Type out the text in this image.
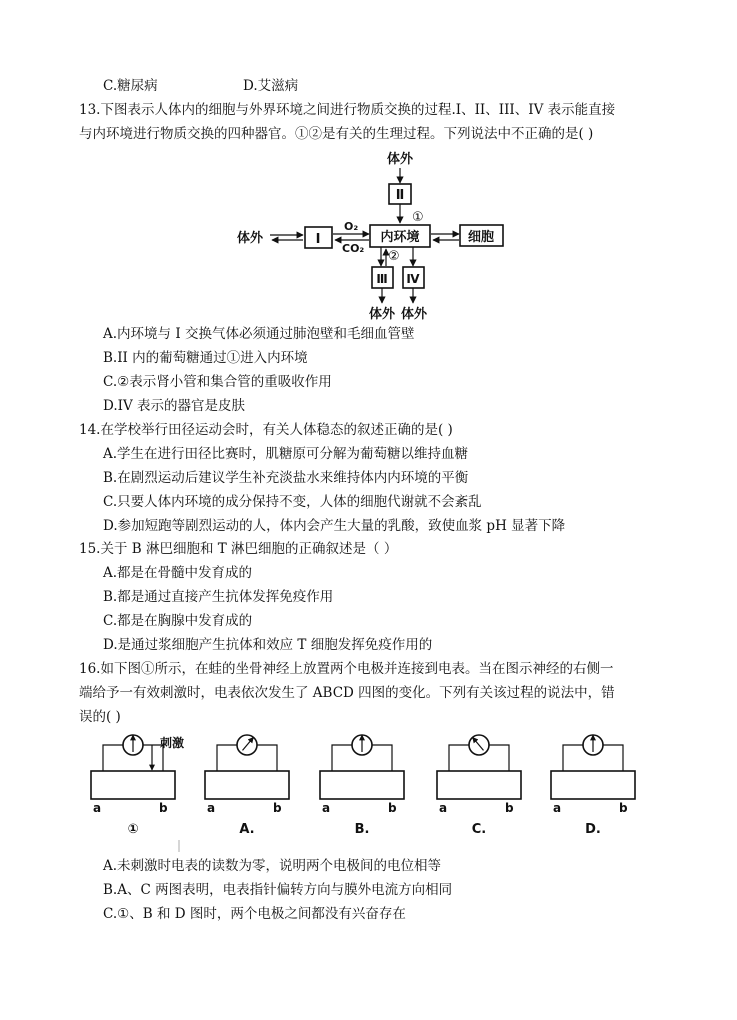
C.糖尿病	D.艾滋病
13.下图表示人体内的细胞与外界环境之间进行物质交换的过程.I、II、III、IV 表示能直接
与内环境进行物质交换的四种器官。①②是有关的生理过程。下列说法中不正确的是( )
体外
Ⅱ
①
体外	I
O₂
CO₂
内环境	细胞
②
Ⅲ Ⅳ
体外 体外
A.内环境与 I 交换气体必须通过肺泡壁和毛细血管壁
B.II 内的葡萄糖通过①进入内环境
C.②表示肾小管和集合管的重吸收作用
D.IV 表示的器官是皮肤
14.在学校举行田径运动会时，有关人体稳态的叙述正确的是( )
A.学生在进行田径比赛时，肌糖原可分解为葡萄糖以维持血糖
B.在剧烈运动后建议学生补充淡盐水来维持体内内环境的平衡
C.只要人体内环境的成分保持不变，人体的细胞代谢就不会紊乱
D.参加短跑等剧烈运动的人，体内会产生大量的乳酸，致使血浆 pH 显著下降
15.关于 B 淋巴细胞和 T 淋巴细胞的正确叙述是（ ）
A.都是在骨髓中发育成的
B.都是通过直接产生抗体发挥免疫作用
C.都是在胸腺中发育成的
D.是通过浆细胞产生抗体和效应 T 细胞发挥免疫作用的
16.如下图①所示，在蛙的坐骨神经上放置两个电极并连接到电表。当在图示神经的右侧一
端给予一有效刺激时，电表依次发生了 ABCD 四图的变化。下列有关该过程的说法中，错
误的( )
刺激
a	b
①
a	b
A.
a	b
B.
a	b
C.
a	b
D.
A.未刺激时电表的读数为零，说明两个电极间的电位相等
B.A、C 两图表明，电表指针偏转方向与膜外电流方向相同
C.①、B 和 D 图时，两个电极之间都没有兴奋存在
